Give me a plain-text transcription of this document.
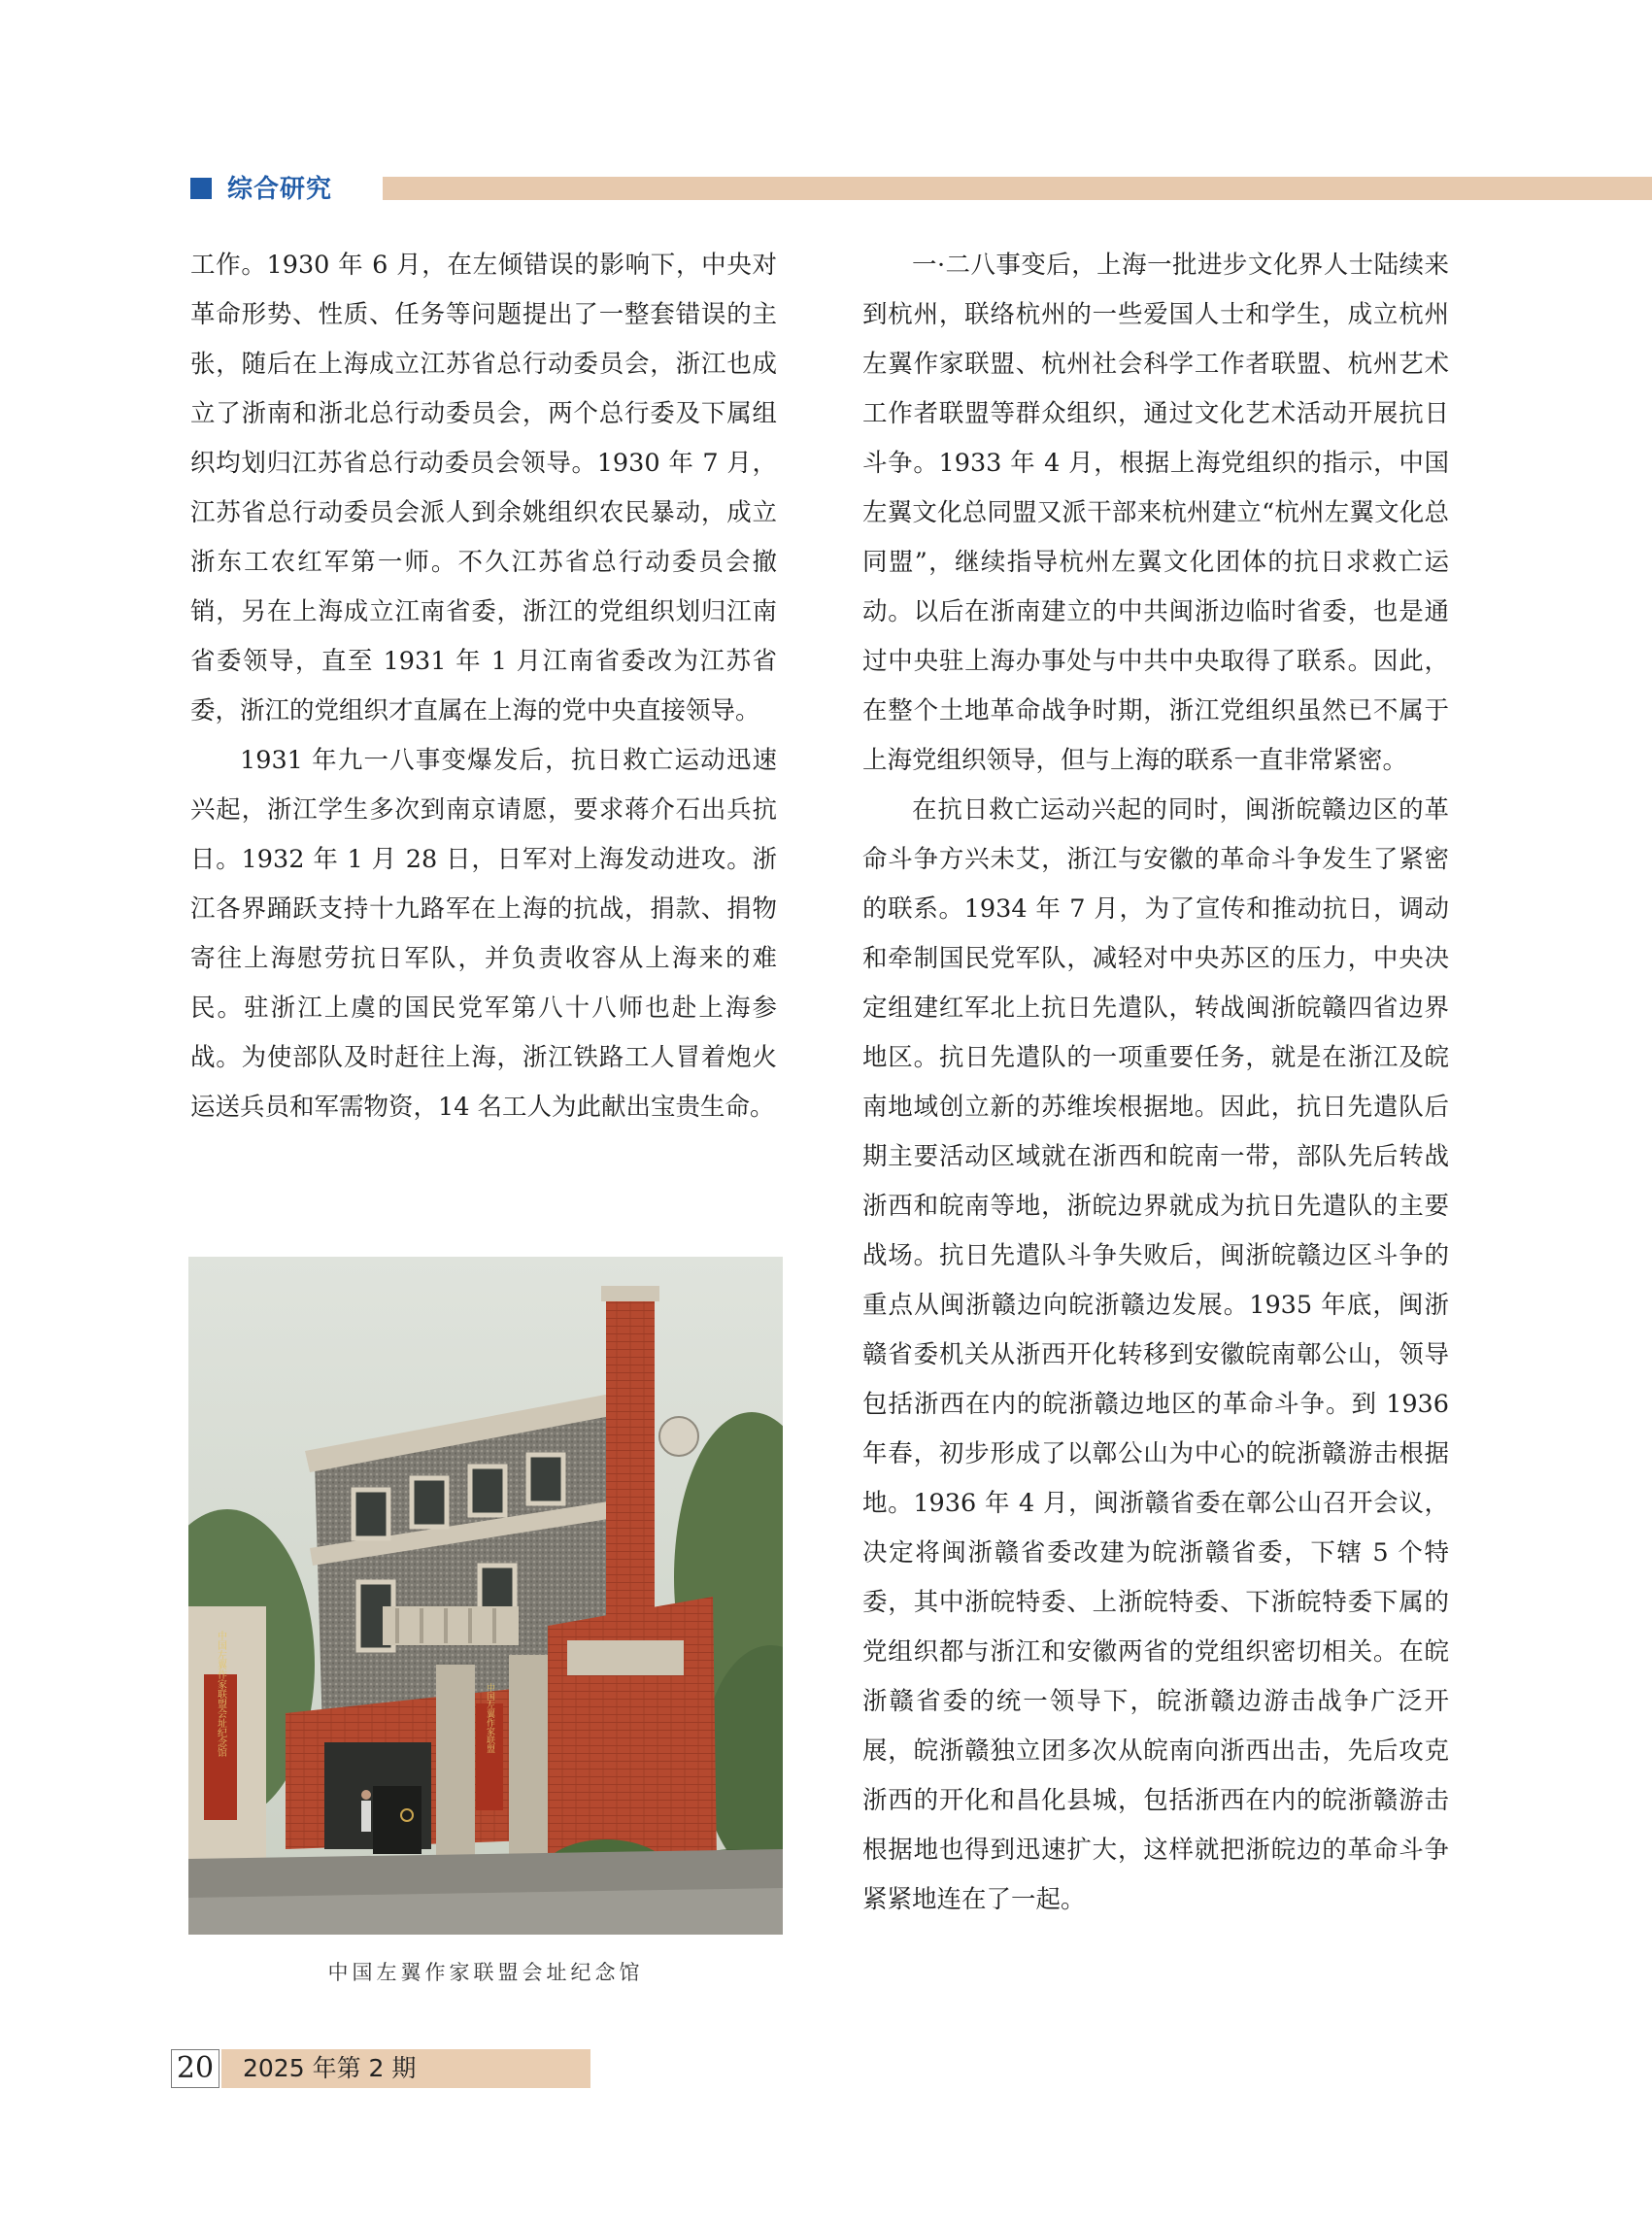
综合研究

工作。1930 年 6 月，在左倾错误的影响下，中央对革命形势、性质、任务等问题提出了一整套错误的主张，随后在上海成立江苏省总行动委员会，浙江也成立了浙南和浙北总行动委员会，两个总行委及下属组织均划归江苏省总行动委员会领导。1930 年 7 月，江苏省总行动委员会派人到余姚组织农民暴动，成立浙东工农红军第一师。不久江苏省总行动委员会撤销，另在上海成立江南省委，浙江的党组织划归江南省委领导，直至 1931 年 1 月江南省委改为江苏省委，浙江的党组织才直属在上海的党中央直接领导。

1931 年九一八事变爆发后，抗日救亡运动迅速兴起，浙江学生多次到南京请愿，要求蒋介石出兵抗日。1932 年 1 月 28 日，日军对上海发动进攻。浙江各界踊跃支持十九路军在上海的抗战，捐款、捐物寄往上海慰劳抗日军队，并负责收容从上海来的难民。驻浙江上虞的国民党军第八十八师也赴上海参战。为使部队及时赶往上海，浙江铁路工人冒着炮火运送兵员和军需物资，14 名工人为此献出宝贵生命。

一·二八事变后，上海一批进步文化界人士陆续来到杭州，联络杭州的一些爱国人士和学生，成立杭州左翼作家联盟、杭州社会科学工作者联盟、杭州艺术工作者联盟等群众组织，通过文化艺术活动开展抗日斗争。1933 年 4 月，根据上海党组织的指示，中国左翼文化总同盟又派干部来杭州建立“杭州左翼文化总同盟”，继续指导杭州左翼文化团体的抗日求救亡运动。以后在浙南建立的中共闽浙边临时省委，也是通过中央驻上海办事处与中共中央取得了联系。因此，在整个土地革命战争时期，浙江党组织虽然已不属于上海党组织领导，但与上海的联系一直非常紧密。

在抗日救亡运动兴起的同时，闽浙皖赣边区的革命斗争方兴未艾，浙江与安徽的革命斗争发生了紧密的联系。1934 年 7 月，为了宣传和推动抗日，调动和牵制国民党军队，减轻对中央苏区的压力，中央决定组建红军北上抗日先遣队，转战闽浙皖赣四省边界地区。抗日先遣队的一项重要任务，就是在浙江及皖南地域创立新的苏维埃根据地。因此，抗日先遣队后期主要活动区域就在浙西和皖南一带，部队先后转战浙西和皖南等地，浙皖边界就成为抗日先遣队的主要战场。抗日先遣队斗争失败后，闽浙皖赣边区斗争的重点从闽浙赣边向皖浙赣边发展。1935 年底，闽浙赣省委机关从浙西开化转移到安徽皖南鄣公山，领导包括浙西在内的皖浙赣边地区的革命斗争。到 1936 年春，初步形成了以鄣公山为中心的皖浙赣游击根据地。1936 年 4 月，闽浙赣省委在鄣公山召开会议，决定将闽浙赣省委改建为皖浙赣省委，下辖 5 个特委，其中浙皖特委、上浙皖特委、下浙皖特委下属的党组织都与浙江和安徽两省的党组织密切相关。在皖浙赣省委的统一领导下，皖浙赣边游击战争广泛开展，皖浙赣独立团多次从皖南向浙西出击，先后攻克浙西的开化和昌化县城，包括浙西在内的皖浙赣游击根据地也得到迅速扩大，这样就把浙皖边的革命斗争紧紧地连在了一起。

中国左翼作家联盟会址纪念馆	中国左翼作家联盟
中国左翼作家联盟会址纪念馆
20	2025 年第 2 期
